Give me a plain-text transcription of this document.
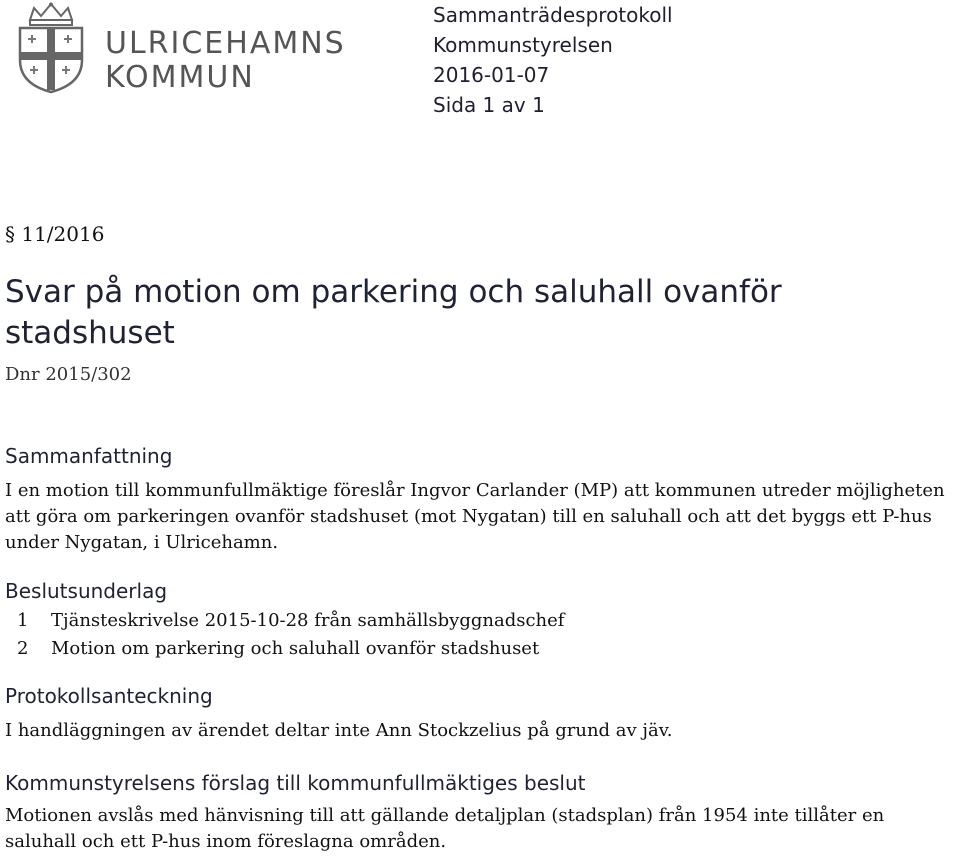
ULRICEHAMNS
KOMMUN
Sammanträdesprotokoll
Kommunstyrelsen
2016-01-07
Sida 1 av 1
§ 11/2016
Svar på motion om parkering och saluhall ovanför stadshuset
Dnr 2015/302
Sammanfattning

I en motion till kommunfullmäktige föreslår Ingvor Carlander (MP) att kommunen utreder möjligheten att göra om parkeringen ovanför stadshuset (mot Nygatan) till en saluhall och att det byggs ett P-hus under Nygatan, i Ulricehamn.

Beslutsunderlag
1 Tjänsteskrivelse 2015-10-28 från samhällsbyggnadschef
2 Motion om parkering och saluhall ovanför stadshuset
Protokollsanteckning

I handläggningen av ärendet deltar inte Ann Stockzelius på grund av jäv.

Kommunstyrelsens förslag till kommunfullmäktiges beslut

Motionen avslås med hänvisning till att gällande detaljplan (stadsplan) från 1954 inte tillåter en saluhall och ett P-hus inom föreslagna områden.
